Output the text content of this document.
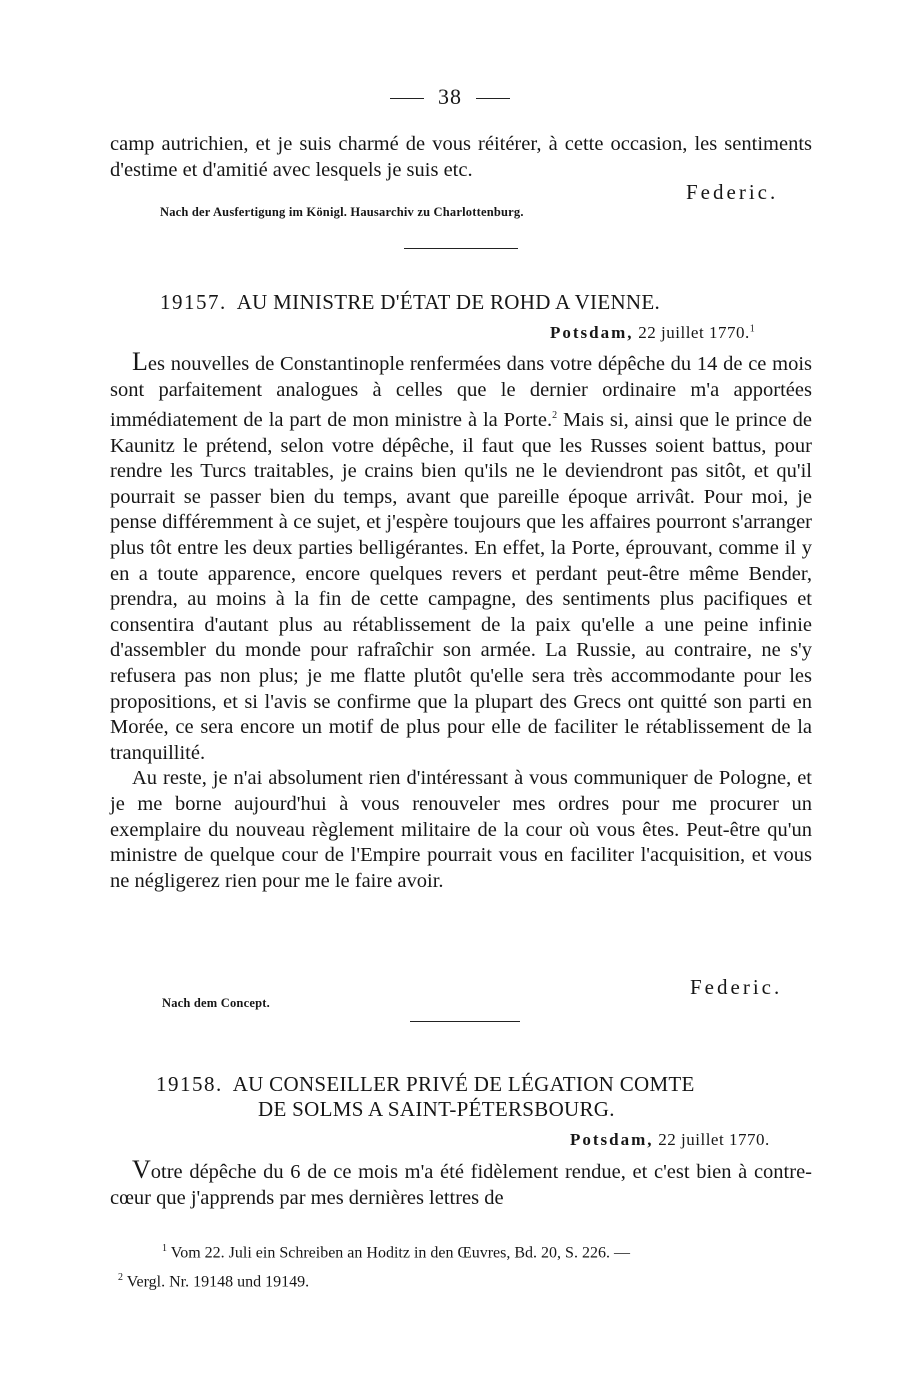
38

camp autrichien, et je suis charmé de vous réitérer, à cette occasion, les sentiments d'estime et d'amitié avec lesquels je suis etc.

Federic.
Nach der Ausfertigung im Königl. Hausarchiv zu Charlottenburg.
19157. AU MINISTRE D'ÉTAT DE ROHD A VIENNE.
Potsdam, 22 juillet 1770.$^1$

Les nouvelles de Constantinople renfermées dans votre dépêche du 14 de ce mois sont parfaitement analogues à celles que le dernier ordinaire m'a apportées immédiatement de la part de mon ministre à la Porte.$^2$ Mais si, ainsi que le prince de Kaunitz le prétend, selon votre dépêche, il faut que les Russes soient battus, pour rendre les Turcs traitables, je crains bien qu'ils ne le deviendront pas sitôt, et qu'il pourrait se passer bien du temps, avant que pareille époque arrivât. Pour moi, je pense différemment à ce sujet, et j'espère toujours que les affaires pourront s'arranger plus tôt entre les deux parties belligérantes. En effet, la Porte, éprouvant, comme il y en a toute apparence, encore quelques revers et perdant peut-être même Bender, prendra, au moins à la fin de cette campagne, des sentiments plus pacifiques et consentira d'autant plus au rétablissement de la paix qu'elle a une peine infinie d'assembler du monde pour rafraîchir son armée. La Russie, au contraire, ne s'y refusera pas non plus; je me flatte plutôt qu'elle sera très accommodante pour les propositions, et si l'avis se confirme que la plupart des Grecs ont quitté son parti en Morée, ce sera encore un motif de plus pour elle de faciliter le rétablissement de la tranquillité.

Au reste, je n'ai absolument rien d'intéressant à vous communiquer de Pologne, et je me borne aujourd'hui à vous renouveler mes ordres pour me procurer un exemplaire du nouveau règlement militaire de la cour où vous êtes. Peut-être qu'un ministre de quelque cour de l'Empire pourrait vous en faciliter l'acquisition, et vous ne négligerez rien pour me le faire avoir.

Federic.
Nach dem Concept.
19158. AU CONSEILLER PRIVÉ DE LÉGATION COMTE
DE SOLMS A SAINT-PÉTERSBOURG.
Potsdam, 22 juillet 1770.

Votre dépêche du 6 de ce mois m'a été fidèlement rendue, et c'est bien à contre-cœur que j'apprends par mes dernières lettres de

$^1$ Vom 22. Juli ein Schreiben an Hoditz in den Œuvres, Bd. 20, S. 226. —
$^2$ Vergl. Nr. 19148 und 19149.
